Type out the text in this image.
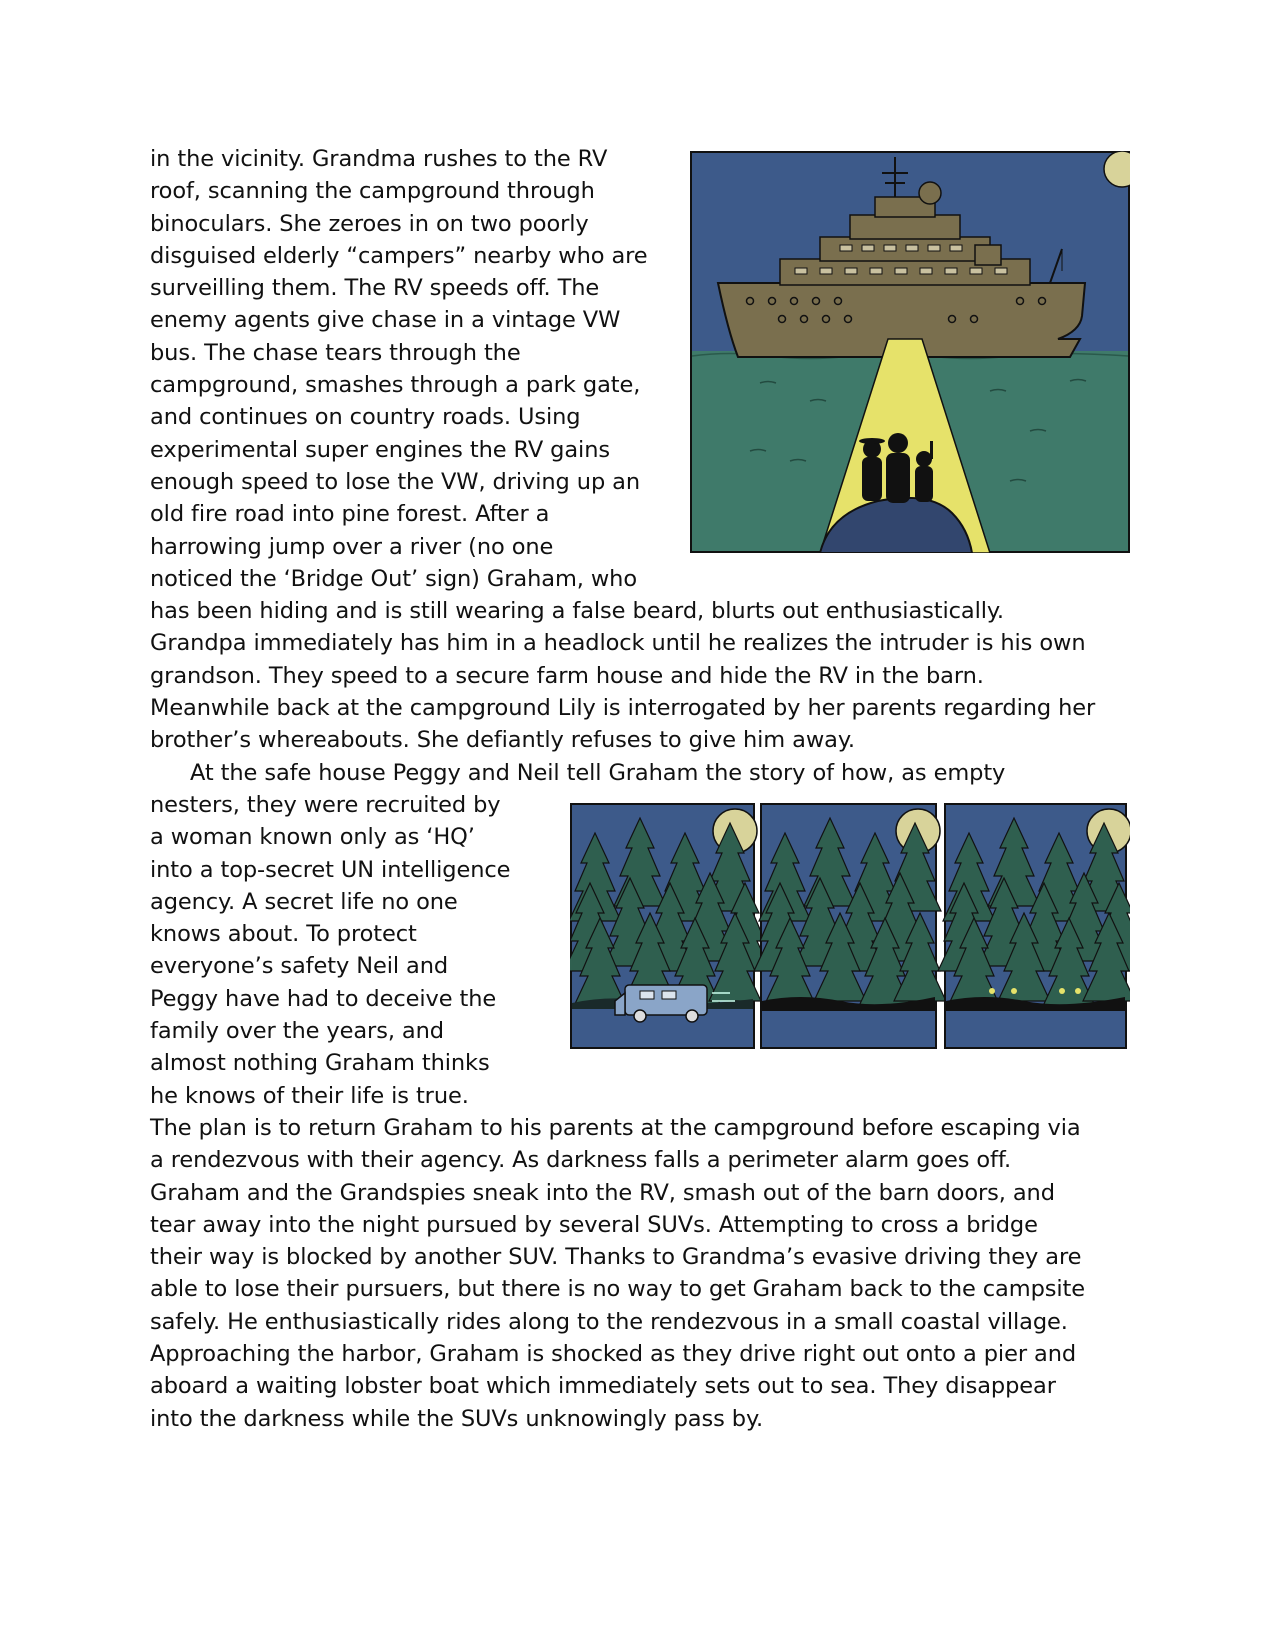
in the vicinity. Grandma rushes to the RV
roof, scanning the campground through
binoculars. She zeroes in on two poorly
disguised elderly “campers” nearby who are
surveilling them. The RV speeds off. The
enemy agents give chase in a vintage VW
bus. The chase tears through the
campground, smashes through a park gate,
and continues on country roads. Using
experimental super engines the RV gains
enough speed to lose the VW, driving up an
old fire road into pine forest. After a
harrowing jump over a river (no one
noticed the ‘Bridge Out’ sign) Graham, who
has been hiding and is still wearing a false beard, blurts out enthusiastically.
Grandpa immediately has him in a headlock until he realizes the intruder is his own
grandson. They speed to a secure farm house and hide the RV in the barn.
Meanwhile back at the campground Lily is interrogated by her parents regarding her
brother’s whereabouts. She defiantly refuses to give him away.
At the safe house Peggy and Neil tell Graham the story of how, as empty
nesters, they were recruited by
a woman known only as ‘HQ’
into a top-secret UN intelligence
agency. A secret life no one
knows about. To protect
everyone’s safety Neil and
Peggy have had to deceive the
family over the years, and
almost nothing Graham thinks
he knows of their life is true.
The plan is to return Graham to his parents at the campground before escaping via
a rendezvous with their agency. As darkness falls a perimeter alarm goes off.
Graham and the Grandspies sneak into the RV, smash out of the barn doors, and
tear away into the night pursued by several SUVs. Attempting to cross a bridge
their way is blocked by another SUV. Thanks to Grandma’s evasive driving they are
able to lose their pursuers, but there is no way to get Graham back to the campsite
safely. He enthusiastically rides along to the rendezvous in a small coastal village.
Approaching the harbor, Graham is shocked as they drive right out onto a pier and
aboard a waiting lobster boat which immediately sets out to sea. They disappear
into the darkness while the SUVs unknowingly pass by.
